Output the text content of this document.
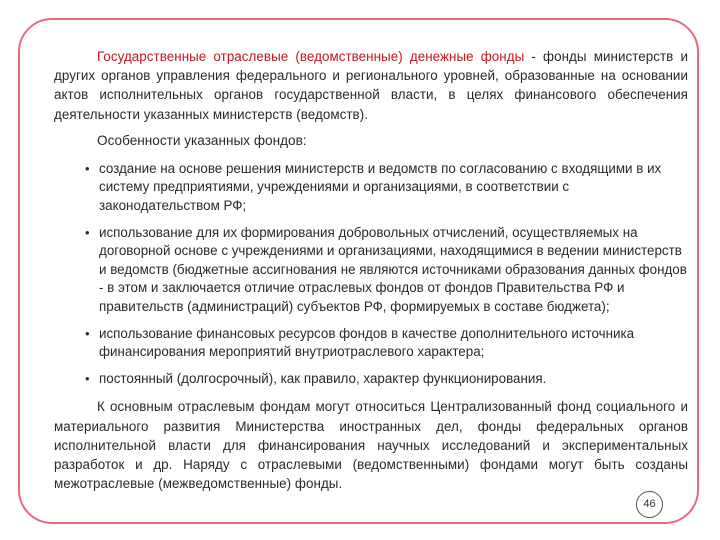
Государственные отраслевые (ведомственные) денежные фонды - фонды министерств и других органов управления федерального и регионального уровней, образованные на основании актов исполнительных органов государственной власти, в целях финансового обеспечения деятельности указанных министерств (ведомств).

Особенности указанных фондов:
• создание на основе решения министерств и ведомств по согласованию с входящими в их систему предприятиями, учреждениями и организациями, в соответствии с законодательством РФ;
• использование для их формирования добровольных отчислений, осуществляемых на договорной основе с учреждениями и организациями, находящимися в ведении министерств и ведомств (бюджетные ассигнования не являются источниками образования данных фондов - в этом и заключается отличие отраслевых фондов от фондов Правительства РФ и правительств (администраций) субъектов РФ, формируемых в составе бюджета);
• использование финансовых ресурсов фондов в качестве дополнительного источника финансирования мероприятий внутриотраслевого характера;
• постоянный (долгосрочный), как правило, характер функционирования.

К основным отраслевым фондам могут относиться Централизованный фонд социального и материального развития Министерства иностранных дел, фонды федеральных органов исполнительной власти для финансирования научных исследований и экспериментальных разработок и др. Наряду с отраслевыми (ведомственными) фондами могут быть созданы межотраслевые (межведомственные) фонды.

46
